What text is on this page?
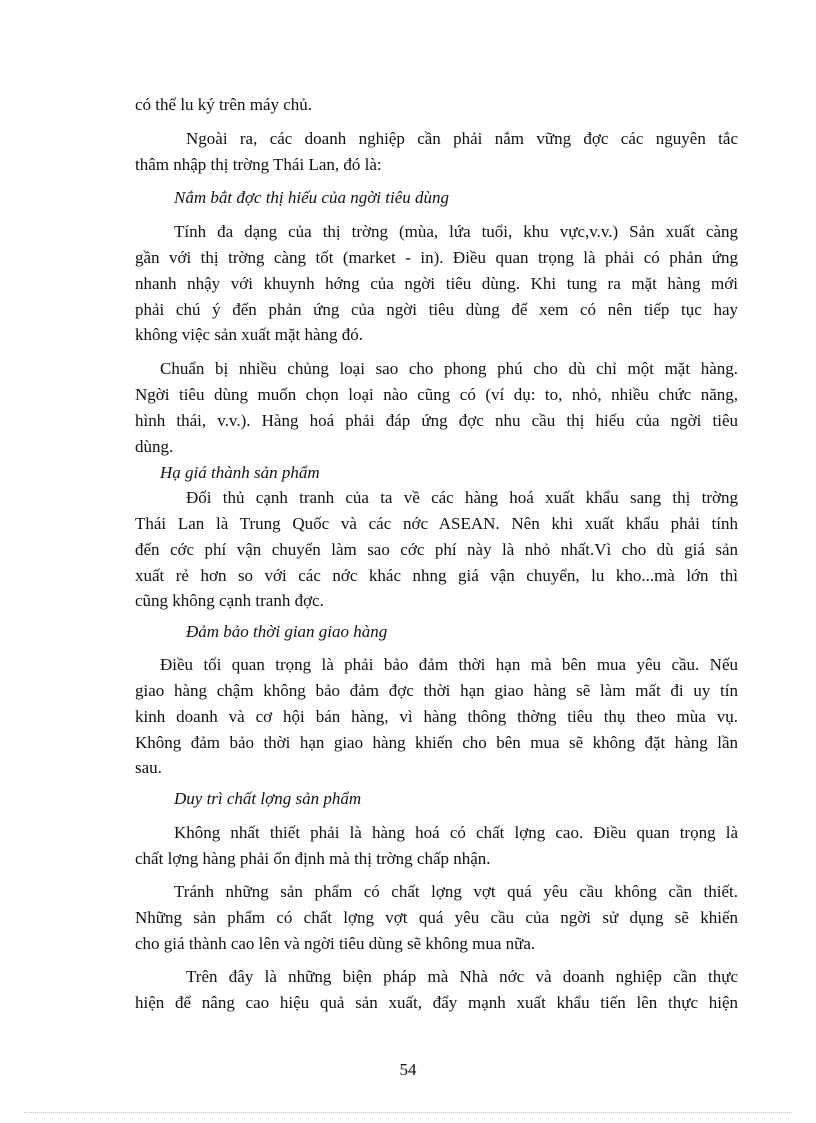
có thể lu ký trên máy chủ.
Ngoài ra, các doanh nghiệp cần phải nắm vững đợc các nguyên tắc
thâm nhập thị trờng Thái Lan, đó là:
Nắm bắt đợc thị hiếu của ngời tiêu dùng
Tính đa dạng của thị trờng (mùa, lứa tuổi, khu vực,v.v.) Sản xuất càng
gần với thị trờng càng tốt (market - in). Điều quan trọng là phải có phản ứng
nhanh nhậy với khuynh hớng của ngời tiêu dùng. Khi tung ra mặt hàng mới
phải chú ý đến phản ứng của ngời tiêu dùng để xem có nên tiếp tục hay
không việc sản xuất mặt hàng đó.
Chuẩn bị nhiều chủng loại sao cho phong phú cho dù chỉ một mặt hàng.
Ngời tiêu dùng muốn chọn loại nào cũng có (ví dụ: to, nhỏ, nhiều chức năng,
hình thái, v.v.). Hàng hoá phải đáp ứng đợc nhu cầu thị hiếu của ngời tiêu
dùng.
Hạ giá thành sản phẩm
Đối thủ cạnh tranh của ta về các hàng hoá xuất khẩu sang thị trờng
Thái Lan là Trung Quốc và các nớc ASEAN. Nên khi xuất khẩu phải tính
đến cớc phí vận chuyển làm sao cớc phí này là nhỏ nhất.Vì cho dù giá sản
xuất rẻ hơn so với các nớc khác nhng giá vận chuyển, lu kho...mà lớn thì
cũng không cạnh tranh đợc.
Đảm bảo thời gian giao hàng
Điều tối quan trọng là phải bảo đảm thời hạn mà bên mua yêu cầu. Nếu
giao hàng chậm không bảo đảm đợc thời hạn giao hàng sẽ làm mất đi uy tín
kinh doanh và cơ hội bán hàng, vì hàng thông thờng tiêu thụ theo mùa vụ.
Không đảm bảo thời hạn giao hàng khiến cho bên mua sẽ không đặt hàng lần
sau.
Duy trì chất lợng sản phẩm
Không nhất thiết phải là hàng hoá có chất lợng cao. Điều quan trọng là
chất lợng hàng phải ổn định mà thị trờng chấp nhận.
Tránh những sản phẩm có chất lợng vợt quá yêu cầu không cần thiết.
Những sản phẩm có chất lợng vợt quá yêu cầu của ngời sử dụng sẽ khiến
cho giá thành cao lên và ngời tiêu dùng sẽ không mua nữa.
Trên đây là những biện pháp mà Nhà nớc và doanh nghiệp cần thực
hiện để nâng cao hiệu quả sản xuất, đẩy mạnh xuất khẩu tiến lên thực hiện
54
